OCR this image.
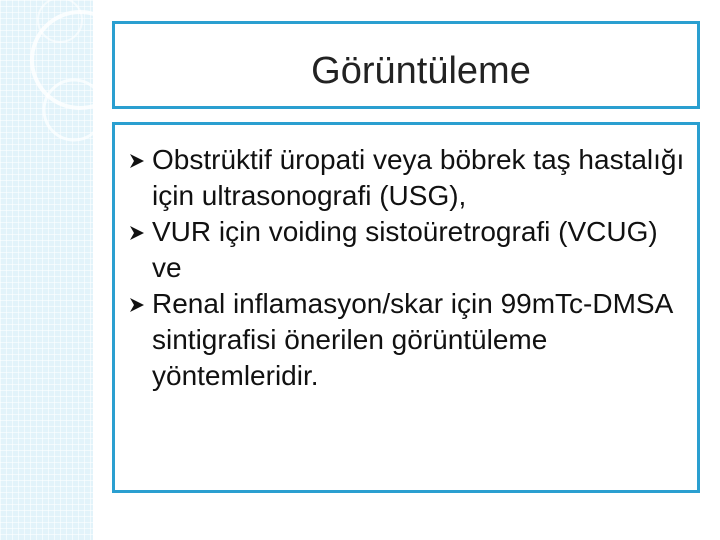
Görüntüleme
Obstrüktif üropati veya böbrek taş hastalığı için ultrasonografi (USG),
VUR için voiding sistoüretrografi (VCUG) ve
Renal inflamasyon/skar için 99mTc-DMSA sintigrafisi önerilen görüntüleme yöntemleridir.
